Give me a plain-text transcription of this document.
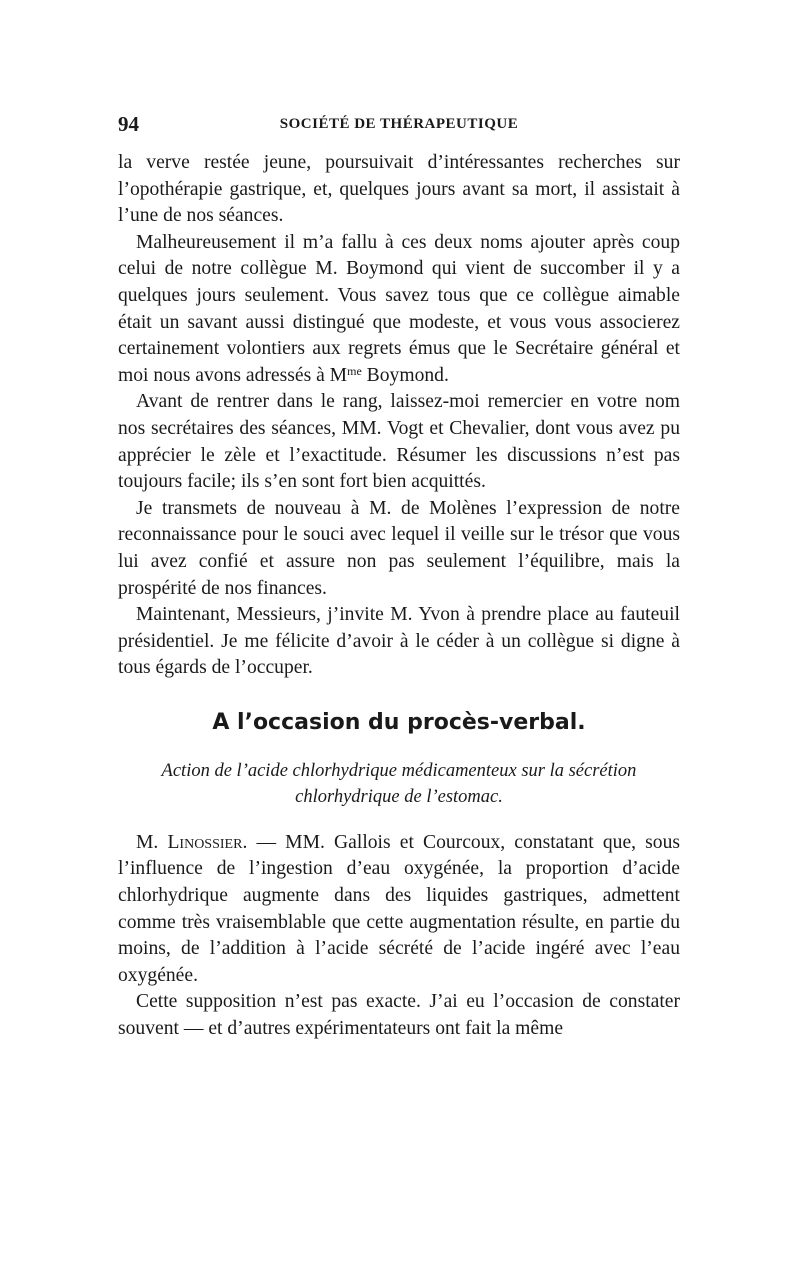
94	SOCIÉTÉ DE THÉRAPEUTIQUE

la verve restée jeune, poursuivait d’intéressantes recherches sur l’opothérapie gastrique, et, quelques jours avant sa mort, il assistait à l’une de nos séances.

Malheureusement il m’a fallu à ces deux noms ajouter après coup celui de notre collègue M. Boymond qui vient de succomber il y a quelques jours seulement. Vous savez tous que ce collègue aimable était un savant aussi distingué que modeste, et vous vous associerez certainement volontiers aux regrets émus que le Secrétaire général et moi nous avons adressés à $M^{me}$ Boymond.

Avant de rentrer dans le rang, laissez-moi remercier en votre nom nos secrétaires des séances, MM. Vogt et Chevalier, dont vous avez pu apprécier le zèle et l’exactitude. Résumer les discussions n’est pas toujours facile; ils s’en sont fort bien acquittés.

Je transmets de nouveau à M. de Molènes l’expression de notre reconnaissance pour le souci avec lequel il veille sur le trésor que vous lui avez confié et assure non pas seulement l’équilibre, mais la prospérité de nos finances.

Maintenant, Messieurs, j’invite M. Yvon à prendre place au fauteuil présidentiel. Je me félicite d’avoir à le céder à un collègue si digne à tous égards de l’occuper.

A l’occasion du procès-verbal.

Action de l’acide chlorhydrique médicamenteux sur la sécrétion chlorhydrique de l’estomac.

M. Linossier. — MM. Gallois et Courcoux, constatant que, sous l’influence de l’ingestion d’eau oxygénée, la proportion d’acide chlorhydrique augmente dans des liquides gastriques, admettent comme très vraisemblable que cette augmentation résulte, en partie du moins, de l’addition à l’acide sécrété de l’acide ingéré avec l’eau oxygénée.

Cette supposition n’est pas exacte. J’ai eu l’occasion de constater souvent — et d’autres expérimentateurs ont fait la même
